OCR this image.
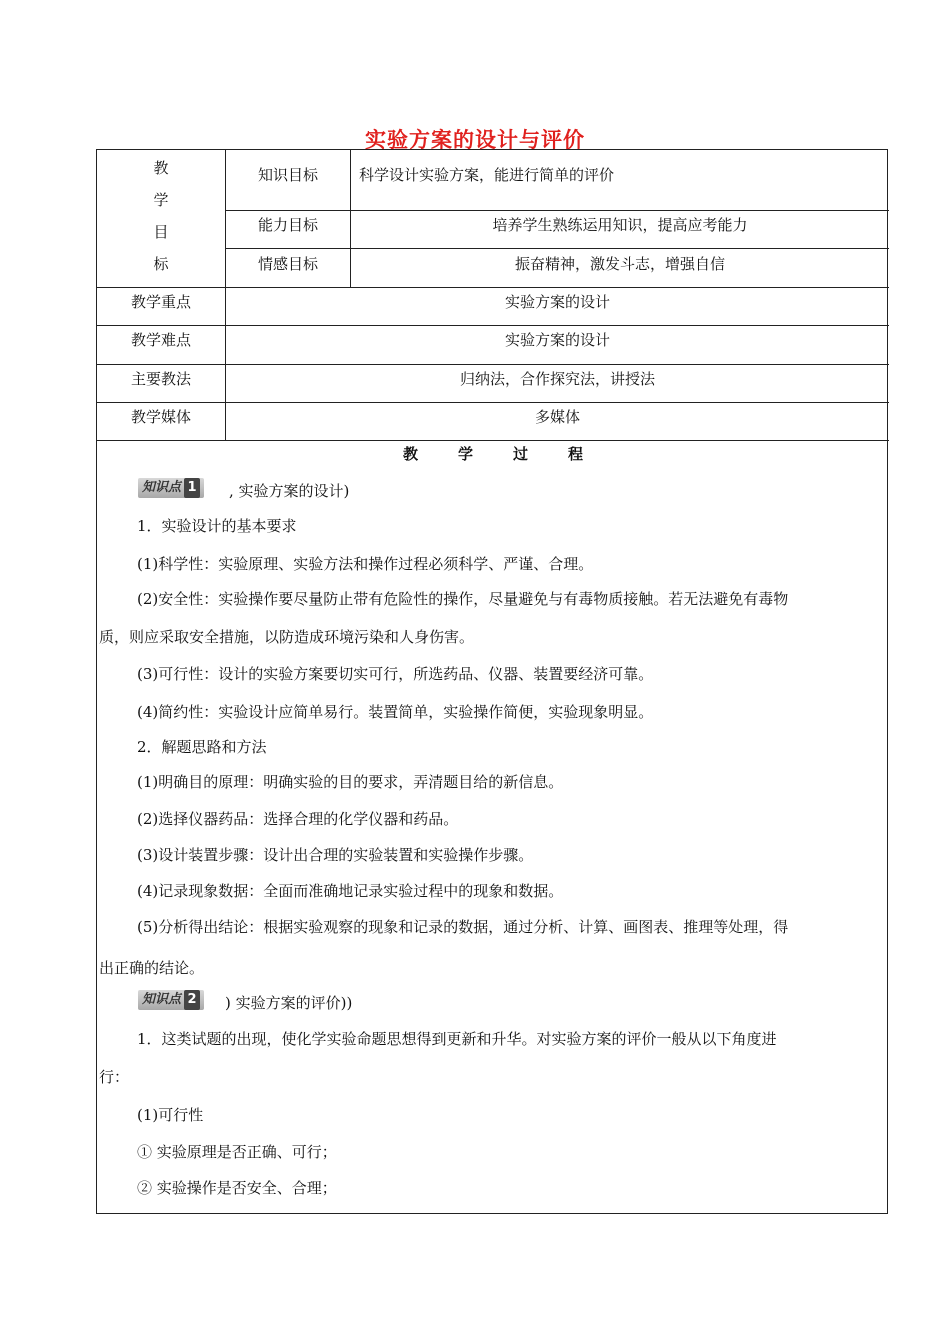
实验方案的设计与评价
教
学
目
标
知识目标	科学设计实验方案，能进行简单的评价
能力目标	培养学生熟练运用知识，提高应考能力
情感目标	振奋精神，激发斗志，增强自信
教学重点	实验方案的设计
教学难点	实验方案的设计
主要教法	归纳法，合作探究法，讲授法
教学媒体	多媒体
教学过程
知识点 1	, 实验方案的设计)
1．实验设计的基本要求
(1)科学性：实验原理、实验方法和操作过程必须科学、严谨、合理。
(2)安全性：实验操作要尽量防止带有危险性的操作，尽量避免与有毒物质接触。若无法避免有毒物
质，则应采取安全措施，以防造成环境污染和人身伤害。
(3)可行性：设计的实验方案要切实可行，所选药品、仪器、装置要经济可靠。
(4)简约性：实验设计应简单易行。装置简单，实验操作简便，实验现象明显。
2．解题思路和方法
(1)明确目的原理：明确实验的目的要求，弄清题目给的新信息。
(2)选择仪器药品：选择合理的化学仪器和药品。
(3)设计装置步骤：设计出合理的实验装置和实验操作步骤。
(4)记录现象数据：全面而准确地记录实验过程中的现象和数据。
(5)分析得出结论：根据实验观察的现象和记录的数据，通过分析、计算、画图表、推理等处理，得
出正确的结论。
知识点 2	) 实验方案的评价))
1．这类试题的出现，使化学实验命题思想得到更新和升华。对实验方案的评价一般从以下角度进
行：
(1)可行性
① 实验原理是否正确、可行；
② 实验操作是否安全、合理；
